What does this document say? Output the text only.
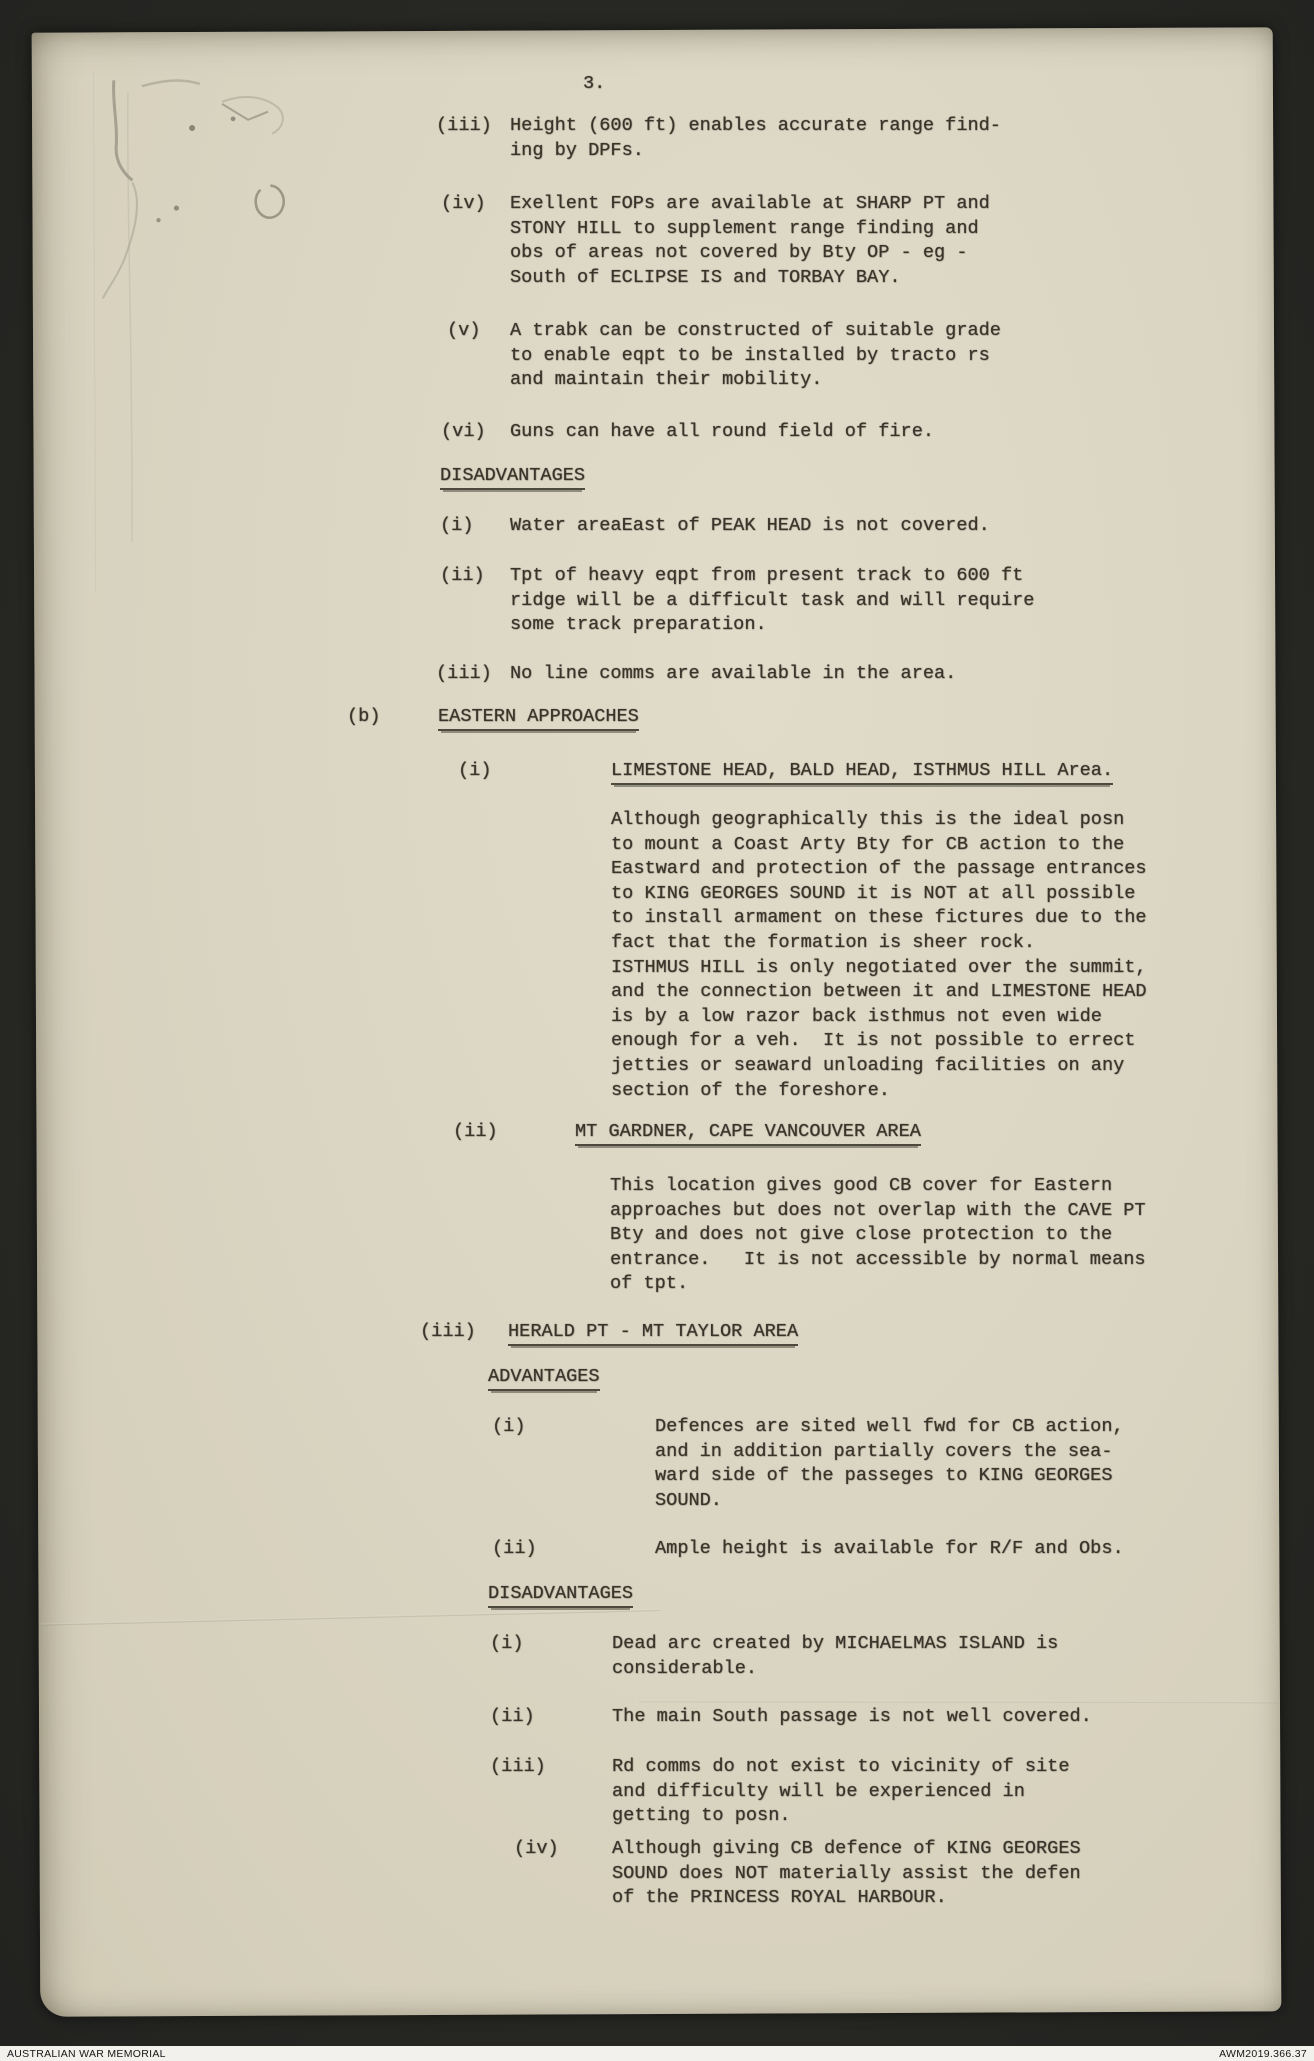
3.
(iii) Height (600 ft) enables accurate range find-
ing by DPFs.
(iv) Exellent FOPs are available at SHARP PT and
STONY HILL to supplement range finding and
obs of areas not covered by Bty OP - eg -
South of ECLIPSE IS and TORBAY BAY.
(v) A trabk can be constructed of suitable grade
to enable eqpt to be installed by tracto rs
and maintain their mobility.
(vi) Guns can have all round field of fire.
DISADVANTAGES
(i) Water areaEast of PEAK HEAD is not covered.
(ii) Tpt of heavy eqpt from present track to 600 ft
ridge will be a difficult task and will require
some track preparation.
(iii) No line comms are available in the area.
(b)	EASTERN APPROACHES
(i)	LIMESTONE HEAD, BALD HEAD, ISTHMUS HILL Area.
Although geographically this is the ideal posn
to mount a Coast Arty Bty for CB action to the
Eastward and protection of the passage entrances
to KING GEORGES SOUND it is NOT at all possible
to install armament on these fictures due to the
fact that the formation is sheer rock.
ISTHMUS HILL is only negotiated over the summit,
and the connection between it and LIMESTONE HEAD
is by a low razor back isthmus not even wide
enough for a veh.  It is not possible to errect
jetties or seaward unloading facilities on any
section of the foreshore.
(ii)	MT GARDNER, CAPE VANCOUVER AREA
This location gives good CB cover for Eastern
approaches but does not overlap with the CAVE PT
Bty and does not give close protection to the
entrance.   It is not accessible by normal means
of tpt.
(iii) HERALD PT - MT TAYLOR AREA
ADVANTAGES
(i)	Defences are sited well fwd for CB action,
and in addition partially covers the sea-
ward side of the passeges to KING GEORGES
SOUND.
(ii)	Ample height is available for R/F and Obs.
DISADVANTAGES
(i)	Dead arc created by MICHAELMAS ISLAND is
considerable.
(ii)	The main South passage is not well covered.
(iii)	Rd comms do not exist to vicinity of site
and difficulty will be experienced in
getting to posn.
(iv)	Although giving CB defence of KING GEORGES
SOUND does NOT materially assist the defen
of the PRINCESS ROYAL HARBOUR.
AUSTRALIAN WAR MEMORIAL	AWM2019.366.37
